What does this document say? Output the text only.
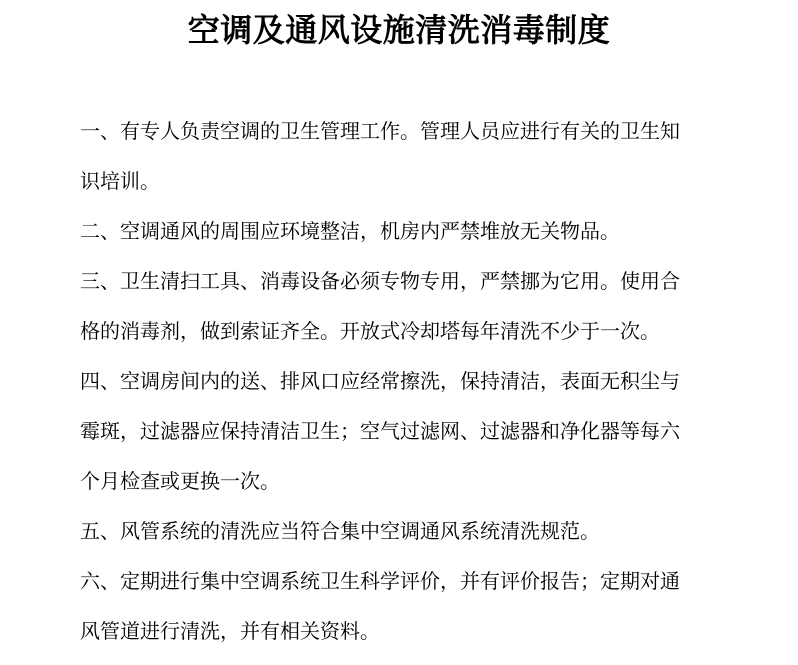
空调及通风设施清洗消毒制度
一、有专人负责空调的卫生管理工作。管理人员应进行有关的卫生知
识培训。
二、空调通风的周围应环境整洁，机房内严禁堆放无关物品。
三、卫生清扫工具、消毒设备必须专物专用，严禁挪为它用。使用合
格的消毒剂，做到索证齐全。开放式冷却塔每年清洗不少于一次。
四、空调房间内的送、排风口应经常擦洗，保持清洁，表面无积尘与
霉斑，过滤器应保持清洁卫生；空气过滤网、过滤器和净化器等每六
个月检查或更换一次。
五、风管系统的清洗应当符合集中空调通风系统清洗规范。
六、定期进行集中空调系统卫生科学评价，并有评价报告；定期对通
风管道进行清洗，并有相关资料。
